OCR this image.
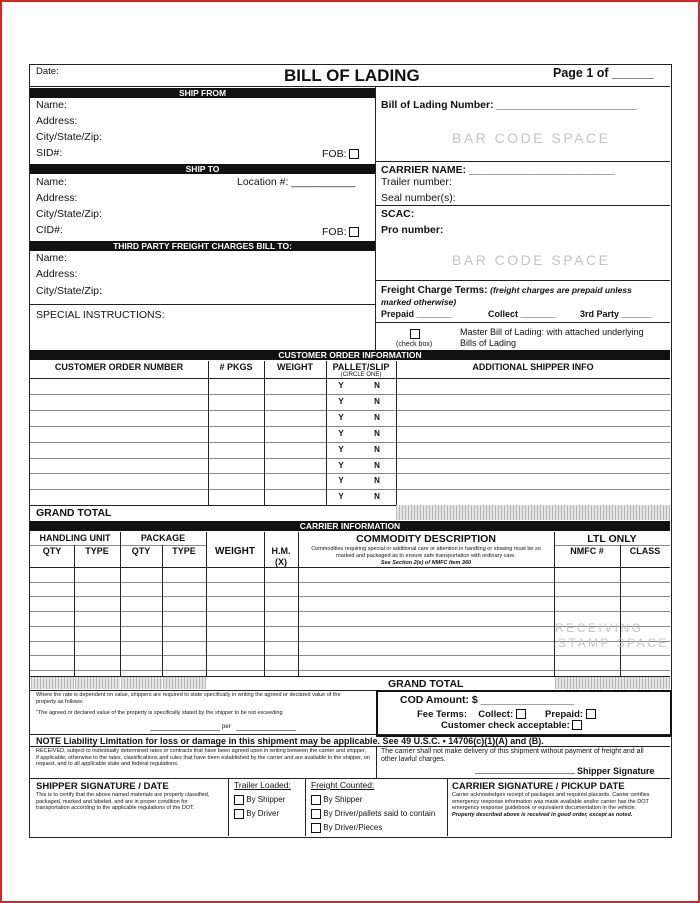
Date:	BILL OF LADING	Page 1 of ______
SHIP FROM
Name:
Address:
City/State/Zip:
SID#:	FOB:
SHIP TO
Name:	Location #: ___________
Address:
City/State/Zip:
CID#:	FOB:
THIRD PARTY FREIGHT CHARGES BILL TO:
Name:
Address:
City/State/Zip:
SPECIAL INSTRUCTIONS:
Bill of Lading Number: ________________________
BAR CODE SPACE
CARRIER NAME: _________________________
Trailer number:
Seal number(s):
SCAC:
Pro number:
BAR CODE SPACE
Freight Charge Terms: (freight charges are prepaid unless
marked otherwise)
Prepaid _______	Collect _______	3rd Party ______
(check box)
Master Bill of Lading: with attached underlying
Bills of Lading
CUSTOMER ORDER INFORMATION
CUSTOMER ORDER NUMBER	# PKGS	WEIGHT	PALLET/SLIP
(CIRCLE ONE)
ADDITIONAL SHIPPER INFO
Y	N
Y	N
Y	N
Y	N
Y	N
Y	N
Y	N
Y	N
GRAND TOTAL
CARRIER INFORMATION
HANDLING UNIT	PACKAGE
QTY	TYPE	QTY	TYPE	WEIGHT	H.M.
(X)
COMMODITY DESCRIPTION
Commodities requiring special or additional care or attention in handling or stowing must be so marked and packaged as to ensure safe transportation with ordinary care.
See Section 2(e) of NMFC Item 360
LTL ONLY
NMFC #	CLASS
RECEIVING
STAMP SPACE
GRAND TOTAL
Where the rate is dependent on value, shippers are required to state specifically in writing the agreed or declared value of the property as follows:
"The agreed or declared value of the property is specifically stated by the shipper to be not exceeding
per
COD Amount: $ ________________
Fee Terms: Collect:	Prepaid:
Customer check acceptable:
NOTE Liability Limitation for loss or damage in this shipment may be applicable. See 49 U.S.C. • 14706(c)(1)(A) and (B).
RECEIVED, subject to individually determined rates or contracts that have been agreed upon in writing between the carrier and shipper, if applicable, otherwise to the rates, classifications and rules that have been established by the carrier and are available to the shipper, on request, and to all applicable state and federal regulations.
The carrier shall not make delivery of this shipment without payment of freight and all other lawful charges.
Shipper Signature
SHIPPER SIGNATURE / DATE
This is to certify that the above named materials are properly classified, packaged, marked and labeled, and are in proper condition for transportation according to the applicable regulations of the DOT.
Trailer Loaded:
By Shipper
By Driver
Freight Counted:
By Shipper
By Driver/pallets said to contain
By Driver/Pieces
CARRIER SIGNATURE / PICKUP DATE
Carrier acknowledges receipt of packages and required placards. Carrier certifies emergency response information was made available and/or carrier has the DOT emergency response guidebook or equivalent documentation in the vehicle.
Property described above is received in good order, except as noted.
